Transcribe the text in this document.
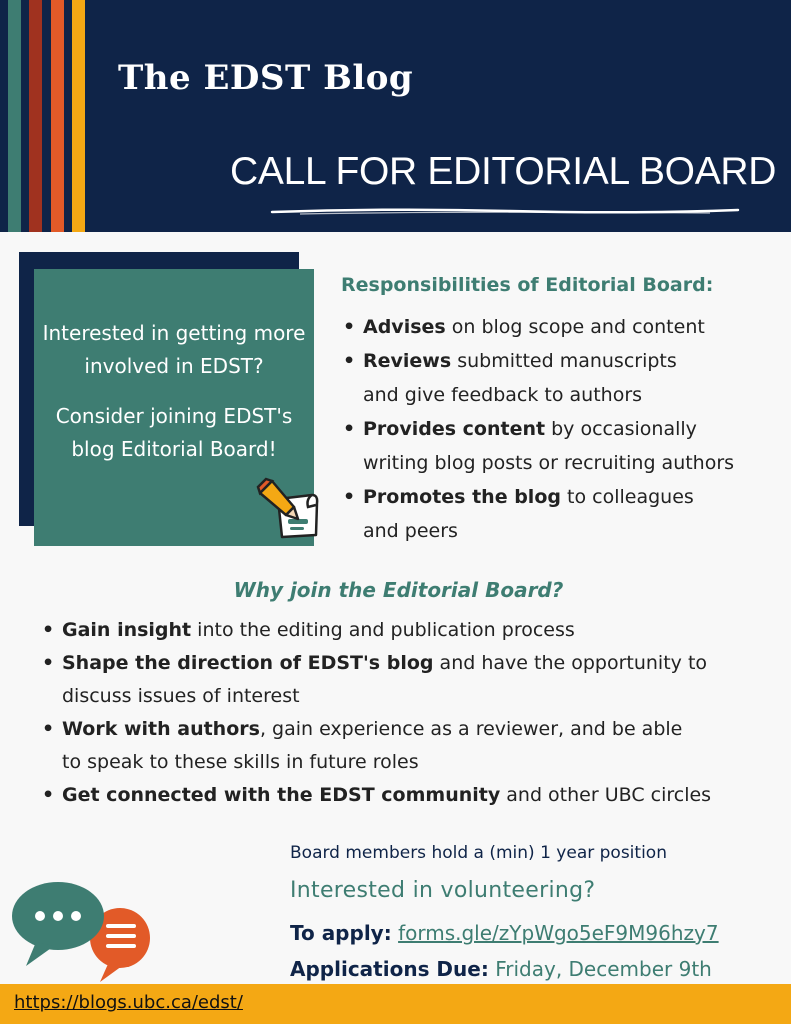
The EDST Blog
CALL FOR EDITORIAL BOARD
Interested in getting more involved in EDST?
Consider joining EDST's blog Editorial Board!
Responsibilities of Editorial Board:
• Advises on blog scope and content
• Reviews submitted manuscripts
and give feedback to authors
• Provides content by occasionally
writing blog posts or recruiting authors
• Promotes the blog to colleagues
and peers
Why join the Editorial Board?
• Gain insight into the editing and publication process
• Shape the direction of EDST's blog and have the opportunity to
discuss issues of interest
• Work with authors, gain experience as a reviewer, and be able
to speak to these skills in future roles
• Get connected with the EDST community and other UBC circles
Board members hold a (min) 1 year position
Interested in volunteering?
To apply: forms.gle/zYpWgo5eF9M96hzy7
Applications Due: Friday, December 9th
https://blogs.ubc.ca/edst/
